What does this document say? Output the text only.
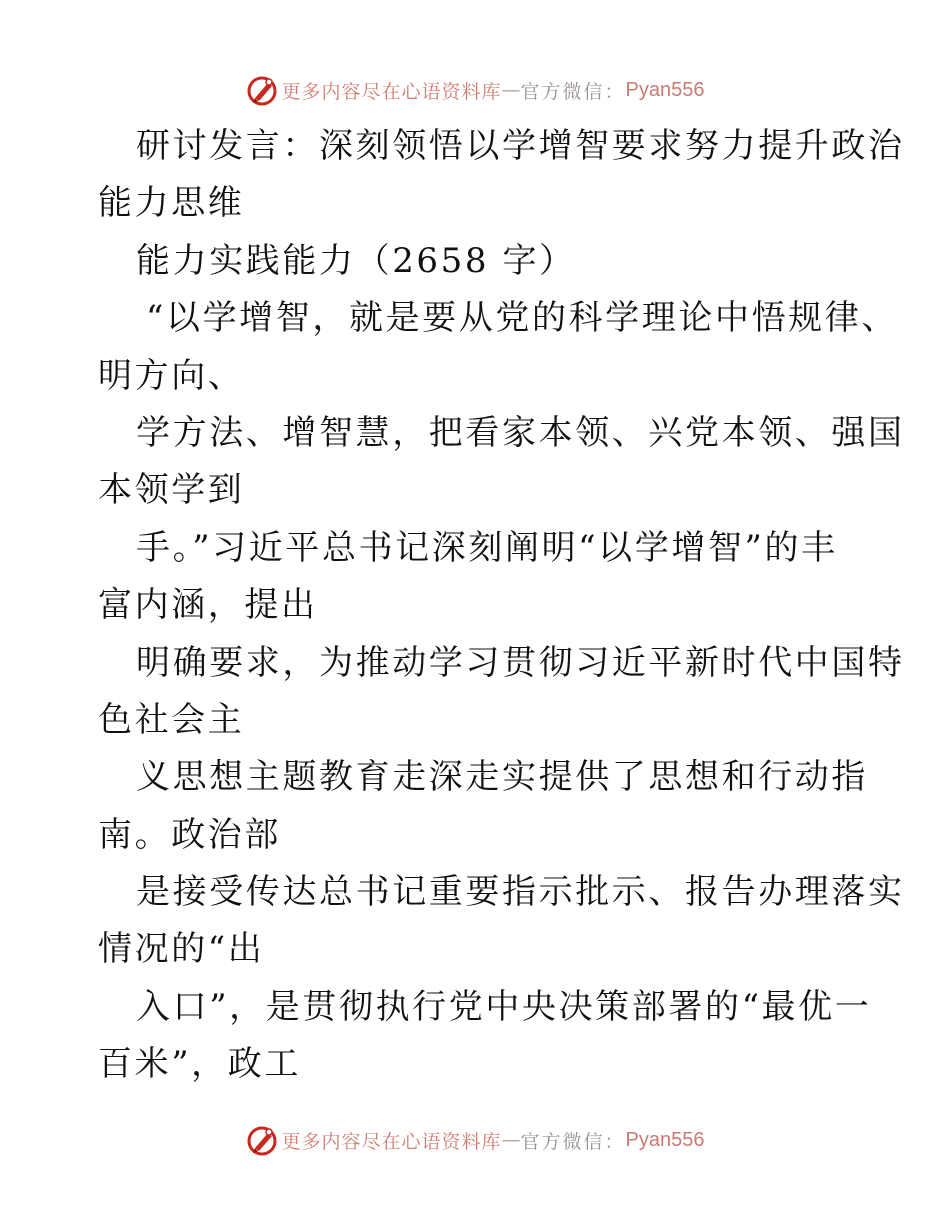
更多内容尽在心语资料库 — 官方微信： Pyan556
研讨发言：深刻领悟以学增智要求努力提升政治
能力思维
能力实践能力（2658 字）
“以学增智，就是要从党的科学理论中悟规律、
明方向、
学方法、增智慧，把看家本领、兴党本领、强国
本领学到
手。”习近平总书记深刻阐明“以学增智”的丰
富内涵，提出
明确要求，为推动学习贯彻习近平新时代中国特
色社会主
义思想主题教育走深走实提供了思想和行动指
南。政治部
是接受传达总书记重要指示批示、报告办理落实
情况的“出
入口”，是贯彻执行党中央决策部署的“最优一
百米”，政工
更多内容尽在心语资料库 — 官方微信： Pyan556
